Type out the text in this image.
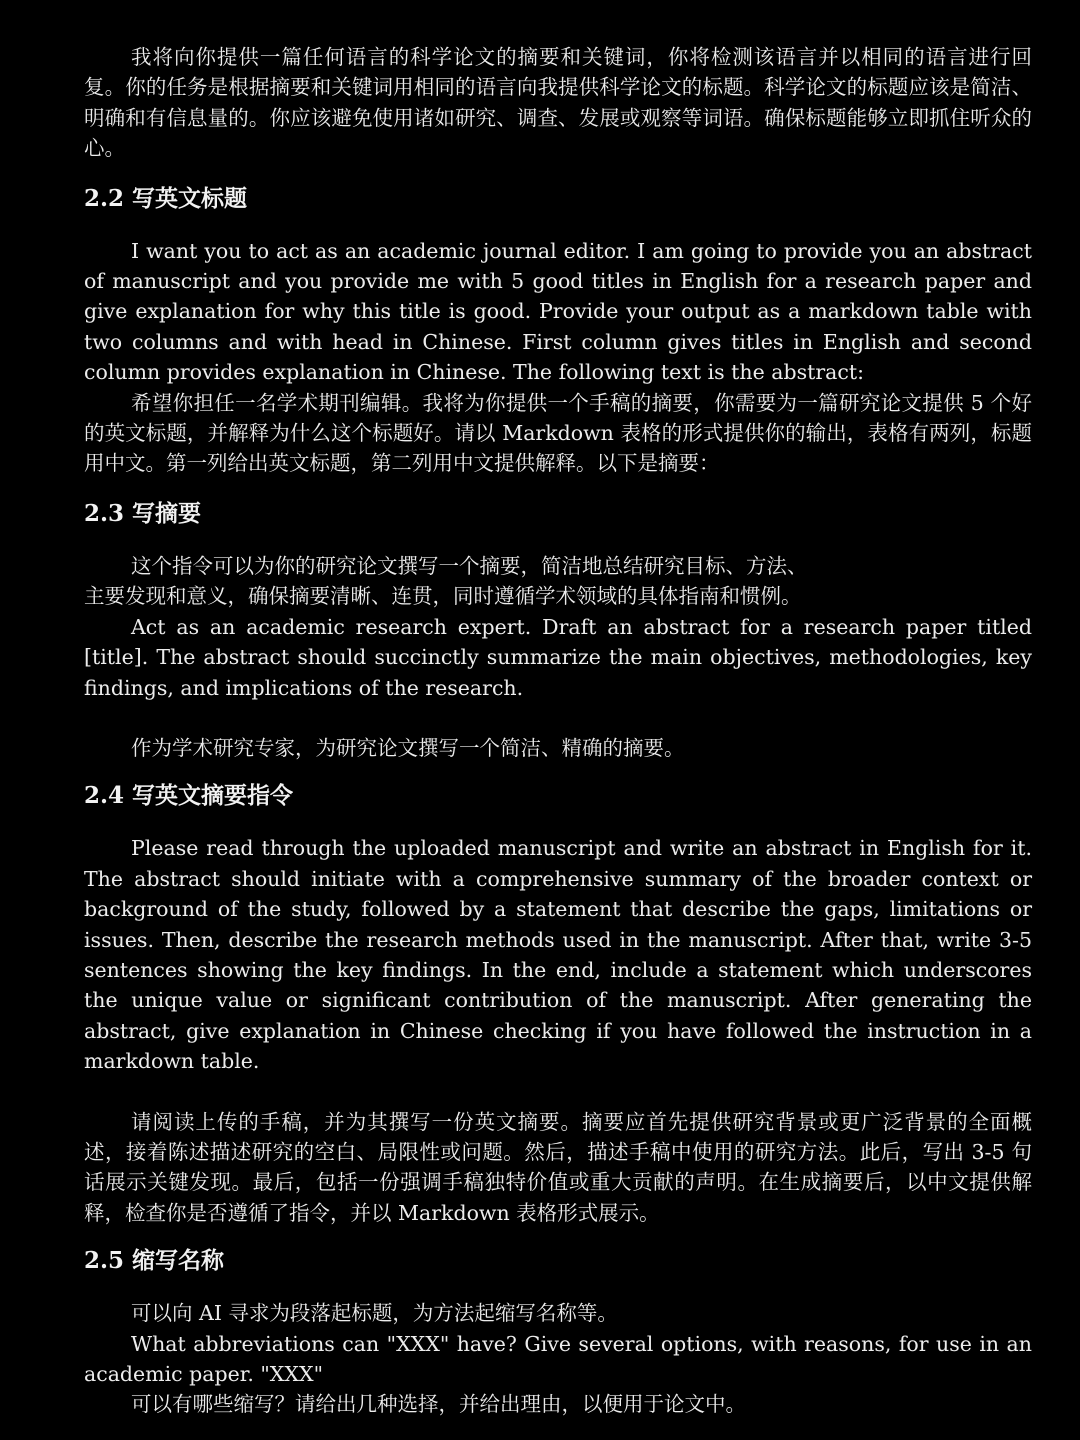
我将向你提供一篇任何语言的科学论文的摘要和关键词，你将检测该语言并以相同的语言进行回复。你的任务是根据摘要和关键词用相同的语言向我提供科学论文的标题。科学论文的标题应该是简洁、明确和有信息量的。你应该避免使用诸如研究、调查、发展或观察等词语。确保标题能够立即抓住听众的心。

2.2 写英文标题

I want you to act as an academic journal editor. I am going to provide you an abstract of manuscript and you provide me with 5 good titles in English for a research paper and give explanation for why this title is good. Provide your output as a markdown table with two columns and with head in Chinese. First column gives titles in English and second column provides explanation in Chinese. The following text is the abstract:

希望你担任一名学术期刊编辑。我将为你提供一个手稿的摘要，你需要为一篇研究论文提供 5 个好的英文标题，并解释为什么这个标题好。请以 Markdown 表格的形式提供你的输出，表格有两列，标题用中文。第一列给出英文标题，第二列用中文提供解释。以下是摘要：

2.3 写摘要

这个指令可以为你的研究论文撰写一个摘要，简洁地总结研究目标、方法、

主要发现和意义，确保摘要清晰、连贯，同时遵循学术领域的具体指南和惯例。

Act as an academic research expert. Draft an abstract for a research paper titled [title]. The abstract should succinctly summarize the main objectives, methodologies, key findings, and implications of the research.

作为学术研究专家，为研究论文撰写一个简洁、精确的摘要。

2.4 写英文摘要指令

Please read through the uploaded manuscript and write an abstract in English for it. The abstract should initiate with a comprehensive summary of the broader context or background of the study, followed by a statement that describe the gaps, limitations or issues. Then, describe the research methods used in the manuscript. After that, write 3-5 sentences showing the key findings. In the end, include a statement which underscores the unique value or significant contribution of the manuscript. After generating the abstract, give explanation in Chinese checking if you have followed the instruction in a markdown table.

请阅读上传的手稿，并为其撰写一份英文摘要。摘要应首先提供研究背景或更广泛背景的全面概述，接着陈述描述研究的空白、局限性或问题。然后，描述手稿中使用的研究方法。此后，写出 3-5 句话展示关键发现。最后，包括一份强调手稿独特价值或重大贡献的声明。在生成摘要后，以中文提供解释，检查你是否遵循了指令，并以 Markdown 表格形式展示。

2.5 缩写名称

可以向 AI 寻求为段落起标题，为方法起缩写名称等。

What abbreviations can "XXX" have? Give several options, with reasons, for use in an academic paper. "XXX"

可以有哪些缩写？请给出几种选择，并给出理由，以便用于论文中。
